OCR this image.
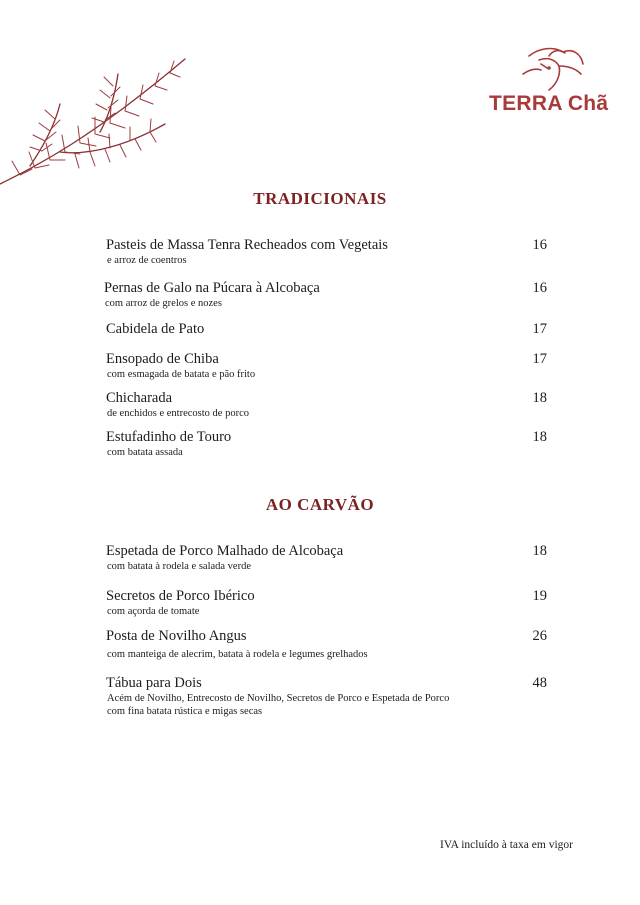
TERRA Chã
TRADICIONAIS
Pasteis de Massa Tenra Recheados com Vegetais
e arroz de coentros
16
Pernas de Galo na Púcara à Alcobaça
com arroz de grelos e nozes
16
Cabidela de Pato	17
Ensopado de Chiba
com esmagada de batata e pão frito
17
Chicharada
de enchidos e entrecosto de porco
18
Estufadinho de Touro
com batata assada
18
AO CARVÃO
Espetada de Porco Malhado de Alcobaça
com batata à rodela e salada verde
18
Secretos de Porco Ibérico
com açorda de tomate
19
Posta de Novilho Angus
com manteiga de alecrim, batata à rodela e legumes grelhados
26
Tábua para Dois
Acém de Novilho, Entrecosto de Novilho, Secretos de Porco e Espetada de Porco
com fina batata rústica e migas secas
48
IVA incluído à taxa em vigor
